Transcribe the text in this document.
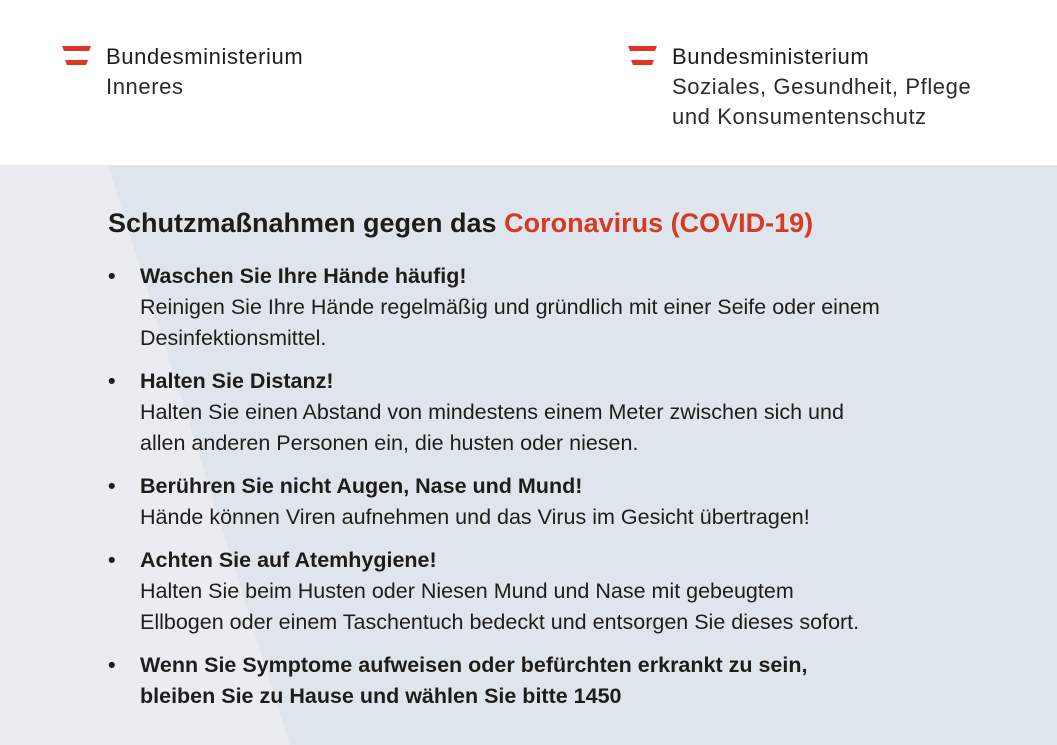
Bundesministerium
Inneres
Bundesministerium
Soziales, Gesundheit, Pflege
und Konsumentenschutz
Schutzmaßnahmen gegen das Coronavirus (COVID-19)
• Waschen Sie Ihre Hände häufig!
Reinigen Sie Ihre Hände regelmäßig und gründlich mit einer Seife oder einem
Desinfektionsmittel.
• Halten Sie Distanz!
Halten Sie einen Abstand von mindestens einem Meter zwischen sich und
allen anderen Personen ein, die husten oder niesen.
• Berühren Sie nicht Augen, Nase und Mund!
Hände können Viren aufnehmen und das Virus im Gesicht übertragen!
• Achten Sie auf Atemhygiene!
Halten Sie beim Husten oder Niesen Mund und Nase mit gebeugtem
Ellbogen oder einem Taschentuch bedeckt und entsorgen Sie dieses sofort.
• Wenn Sie Symptome aufweisen oder befürchten erkrankt zu sein,
bleiben Sie zu Hause und wählen Sie bitte 1450
